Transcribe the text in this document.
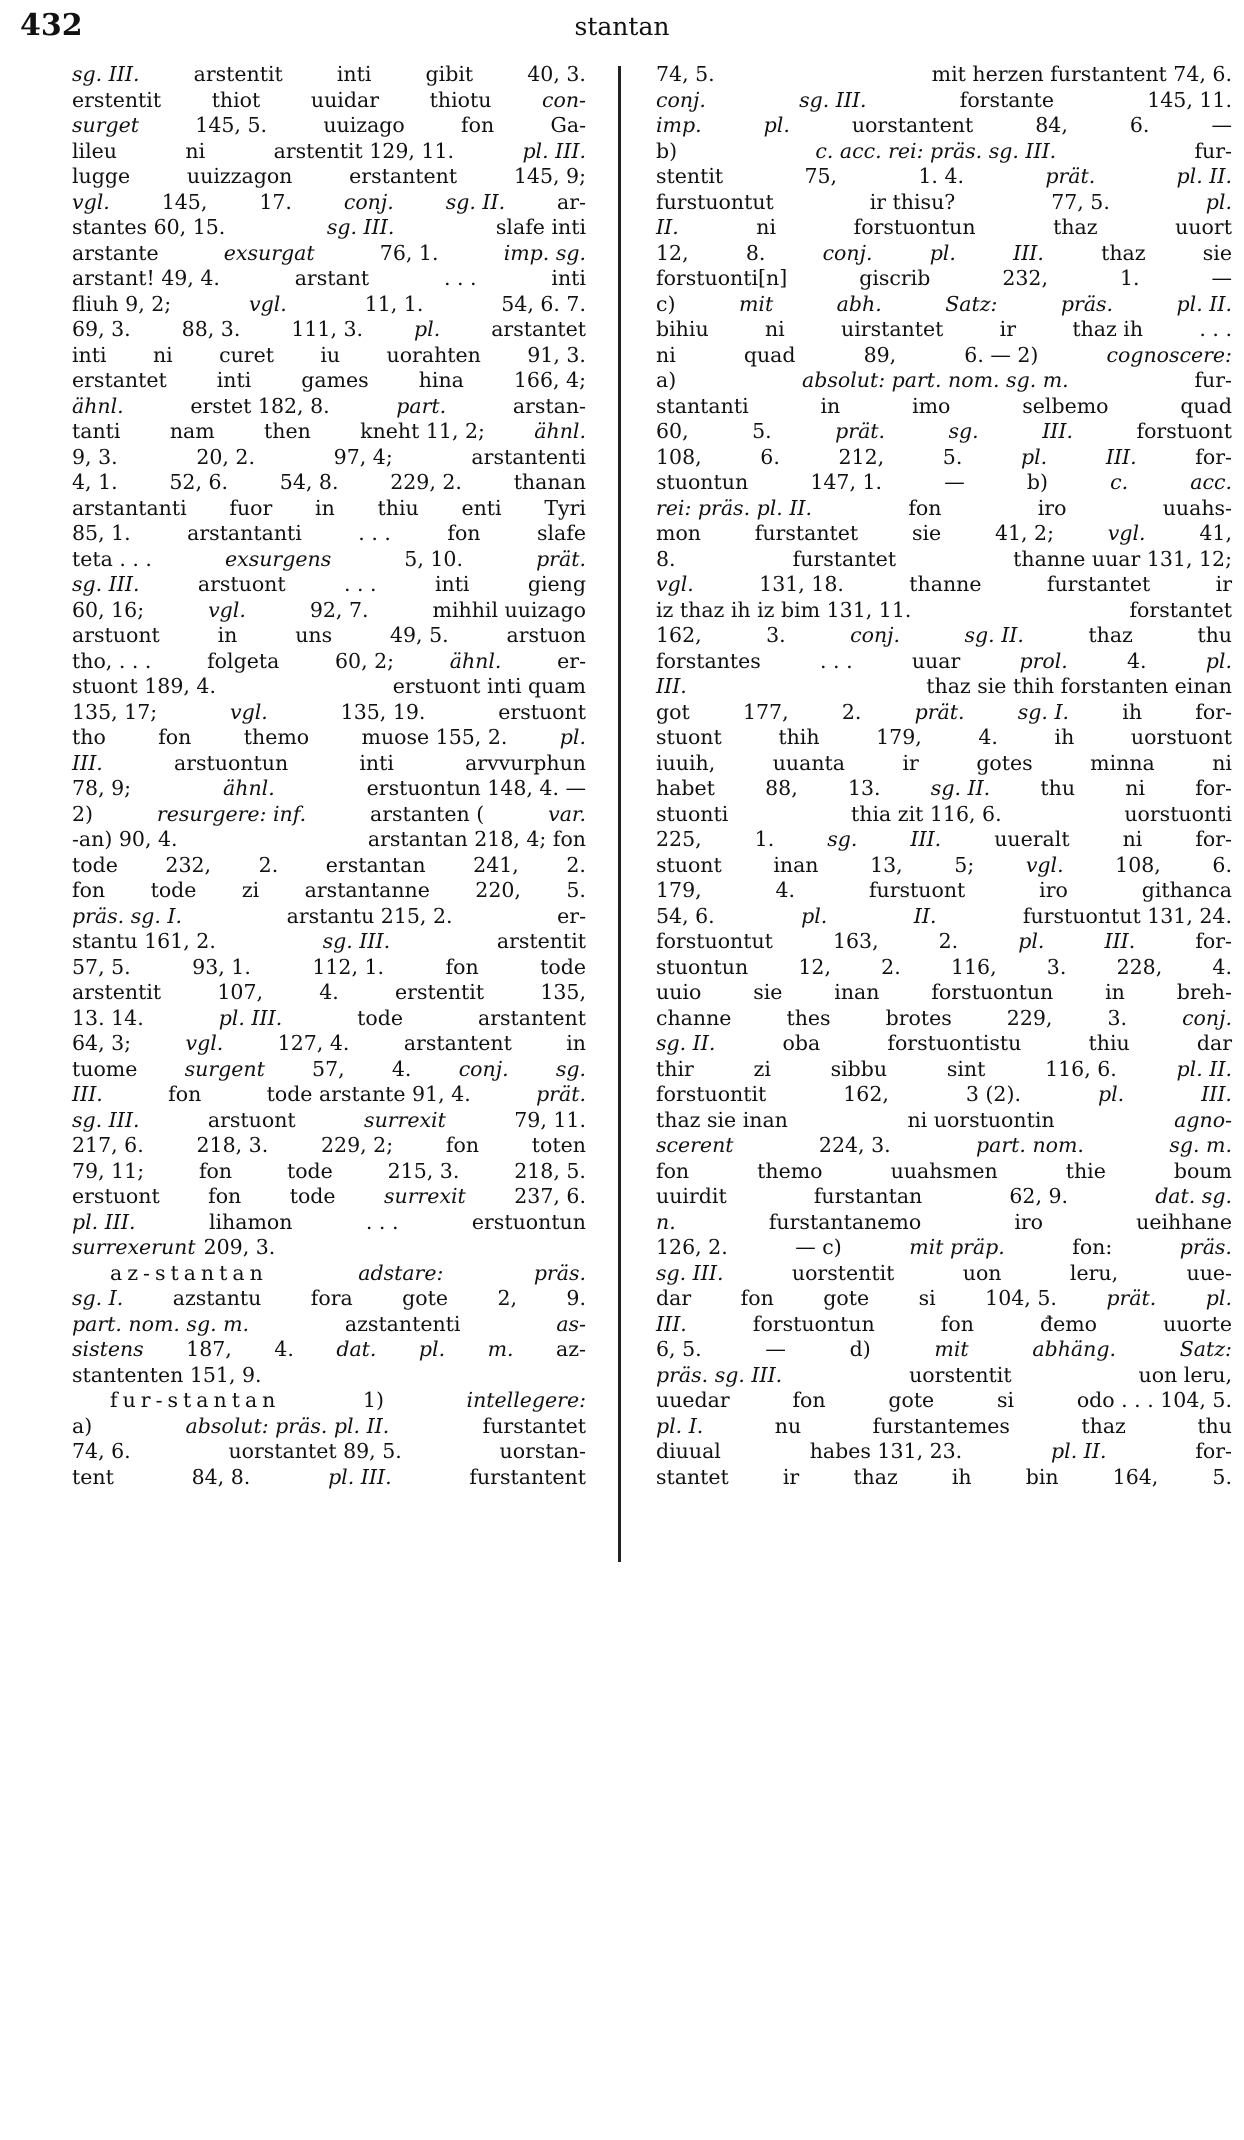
432	stantan
sg. III.	arstentit	inti	gibit	40, 3.
erstentit thiot uuidar thiotu con-
surget	145, 5.	uuizago	fon	Ga-
lileu	ni	arstentit 129, 11.	pl. III.
lugge	uuizzagon	erstantent	145, 9;
vgl.	145,	17.	conj.	sg. II.	ar-
stantes 60, 15.	sg. III.	slafe inti
arstante	exsurgat	76, 1.	imp. sg.
arstant! 49, 4.	arstant	. . .	inti
fliuh 9, 2;	vgl.	11, 1.	54, 6. 7.
69, 3. 88, 3. 111, 3. pl. arstantet
inti ni curet iu uorahten 91, 3.
erstantet inti games hina 166, 4;
ähnl.	erstet 182, 8.	part.	arstan-
tanti nam then kneht 11, 2; ähnl.
9, 3.	20, 2.	97, 4;	arstantenti
4, 1.	52, 6.	54, 8.	229, 2.	thanan
arstantanti fuor in thiu enti Tyri
85, 1.	arstantanti	. . .	fon	slafe
teta . . .	exsurgens	5, 10.	prät.
sg. III.	arstuont	. . .	inti	gieng
60, 16;	vgl.	92, 7.	mihhil uuizago
arstuont	in	uns	49, 5.	arstuon
tho, . . .	folgeta	60, 2;	ähnl.	er-
stuont 189, 4.	erstuont inti quam
135, 17;	vgl.	135, 19.	erstuont
tho	fon	themo	muose 155, 2.	pl.
III.	arstuontun	inti	arvvurphun
78, 9;	ähnl.	erstuontun 148, 4. —
2)	resurgere: inf.	arstanten (	var.
-an) 90, 4.	arstantan 218, 4; fon
tode 232, 2. erstantan 241, 2.
fon tode zi arstantanne 220, 5.
präs. sg. I.	arstantu 215, 2.	er-
stantu 161, 2.	sg. III.	arstentit
57, 5.	93, 1.	112, 1.	fon	tode
arstentit	107,	4.	erstentit	135,
13. 14.	pl. III.	tode	arstantent
64, 3;	vgl.	127, 4.	arstantent	in
tuome surgent 57, 4. conj. sg.
III.	fon	tode arstante 91, 4.	prät.
sg. III.	arstuont	surrexit	79, 11.
217, 6.	218, 3.	229, 2;	fon	toten
79, 11;	fon	tode	215, 3.	218, 5.
erstuont fon tode surrexit 237, 6.
pl. III.	lihamon	. . .	erstuontun
surrexerunt 209, 3.
az-stantan	adstare:	präs.
sg. I. azstantu fora gote 2, 9.
part. nom. sg. m.	azstantenti	as-
sistens 187, 4. dat. pl. m. az-
stantenten 151, 9.
fur-stantan	1)	intellegere:
a)	absolut: präs. pl. II.	furstantet
74, 6.	uorstantet 89, 5.	uorstan-
tent	84, 8.	pl. III.	furstantent
74, 5.	mit herzen furstantent 74, 6.
conj.	sg. III.	forstante	145, 11.
imp.	pl.	uorstantent	84,	6.	—
b)	c. acc. rei: präs. sg. III.	fur-
stentit	75,	1. 4.	prät.	pl. II.
furstuontut	ir thisu?	77, 5.	pl.
II.	ni	forstuontun	thaz	uuort
12,	8.	conj.	pl.	III.	thaz	sie
forstuonti[n]	giscrib	232,	1.	—
c)	mit	abh.	Satz:	präs.	pl. II.
bihiu	ni	uirstantet	ir	thaz ih	. . .
ni	quad	89,	6. — 2)	cognoscere:
a)	absolut: part. nom. sg. m.	fur-
stantanti	in	imo	selbemo	quad
60,	5.	prät.	sg.	III.	forstuont
108,	6.	212,	5.	pl.	III.	for-
stuontun	147, 1.	—	b)	c.	acc.
rei: präs. pl. II.	fon	iro	uuahs-
mon	furstantet	sie	41, 2;	vgl.	41,
8.	furstantet	thanne uuar 131, 12;
vgl.	131, 18.	thanne	furstantet	ir
iz thaz ih iz bim 131, 11.	forstantet
162,	3.	conj.	sg. II.	thaz	thu
forstantes	. . .	uuar	prol.	4.	pl.
III.	thaz sie thih forstanten einan
got	177,	2.	prät.	sg. I.	ih	for-
stuont	thih	179,	4.	ih	uorstuont
iuuih,	uuanta	ir	gotes	minna	ni
habet 88, 13. sg. II. thu ni for-
stuonti	thia zit 116, 6.	uorstuonti
225,	1.	sg.	III.	uueralt	ni	for-
stuont	inan	13,	5;	vgl.	108,	6.
179,	4.	furstuont	iro	githanca
54, 6.	pl.	II.	furstuontut 131, 24.
forstuontut	163,	2.	pl.	III.	for-
stuontun 12, 2. 116, 3. 228, 4.
uuio	sie	inan	forstuontun	in	breh-
channe	thes	brotes	229,	3.	conj.
sg. II.	oba	forstuontistu	thiu	dar
thir	zi	sibbu	sint	116, 6.	pl. II.
forstuontit	162,	3 (2).	pl.	III.
thaz sie inan	ni uorstuontin	agno-
scerent	224, 3.	part. nom.	sg. m.
fon	themo	uuahsmen	thie	boum
uuirdit	furstantan	62, 9.	dat. sg.
n.	furstantanemo	iro	ueihhane
126, 2.	— c)	mit präp.	fon:	präs.
sg. III.	uorstentit	uon	leru,	uue-
dar fon gote si 104, 5. prät. pl.
III.	forstuontun	fon	đemo	uuorte
6, 5.	—	d)	mit	abhäng.	Satz:
präs. sg. III.	uorstentit	uon leru,
uuedar	fon	gote	si	odo . . . 104, 5.
pl. I.	nu	furstantemes	thaz	thu
diuual	habes 131, 23.	pl. II.	for-
stantet	ir	thaz	ih	bin	164,	5.
